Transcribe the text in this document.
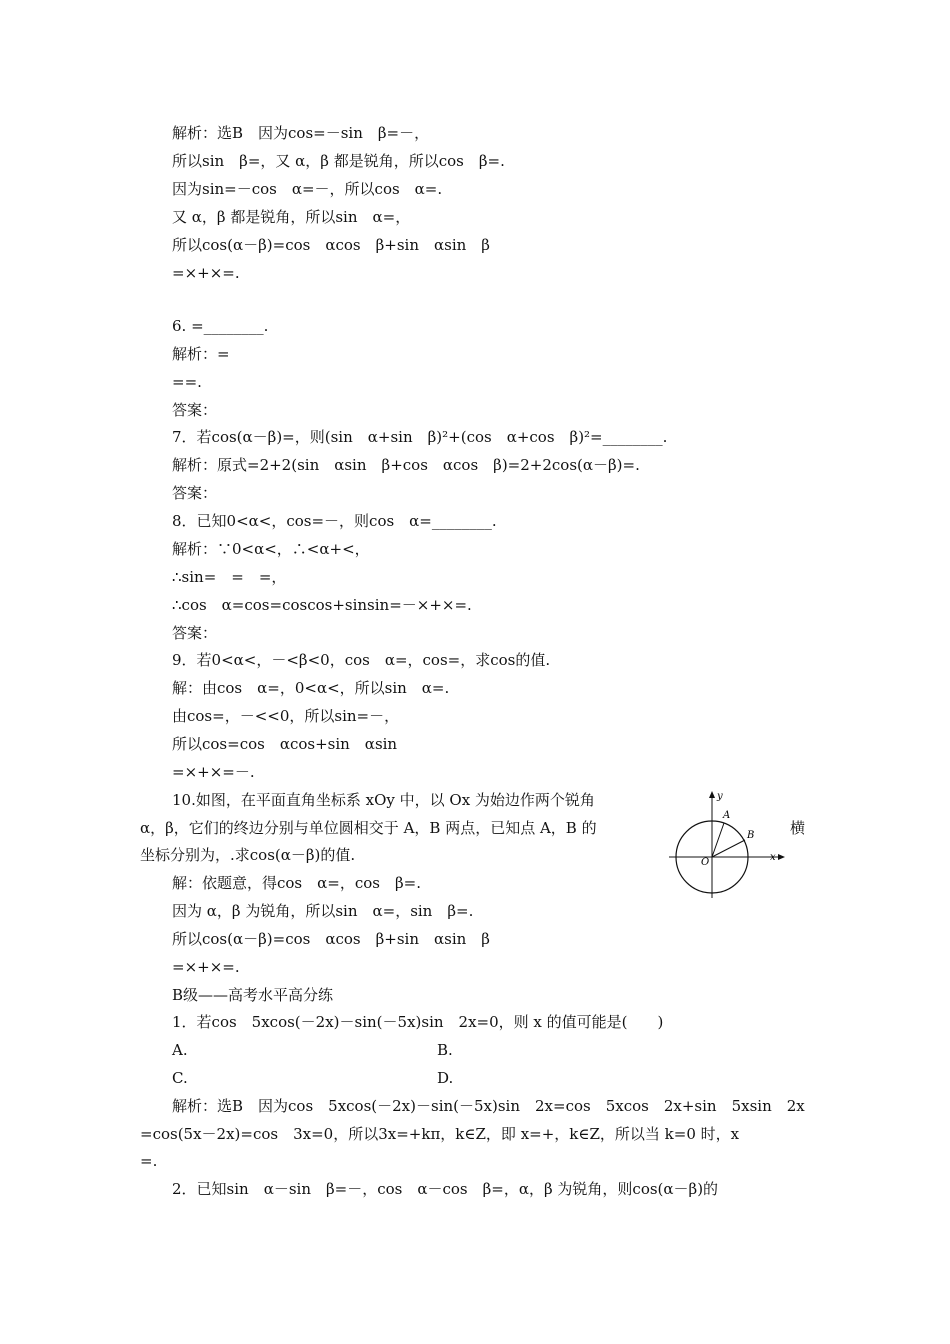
解析：选B　因为cos=－sin　β=－，
所以sin　β=，又 α，β 都是锐角，所以cos　β=.
因为sin=－cos　α=－，所以cos　α=.
又 α，β 都是锐角，所以sin　α=，
所以cos(α－β)=cos　αcos　β+sin　αsin　β
=×+×=.
6. =________.
解析：=
==.
答案：
7．若cos(α－β)=，则(sin　α+sin　β)²+(cos　α+cos　β)²=________.
解析：原式=2+2(sin　αsin　β+cos　αcos　β)=2+2cos(α－β)=.
答案：
8．已知0<α<，cos=－，则cos　α=________.
解析：∵0<α<，∴<α+<，
∴sin=　=　=，
∴cos　α=cos=coscos+sinsin=－×+×=.
答案：
9．若0<α<，－<β<0，cos　α=，cos=，求cos的值.
解：由cos　α=，0<α<，所以sin　α=.
由cos=，－<<0，所以sin=－，
所以cos=cos　αcos+sin　αsin
=×+×=－.
10.如图，在平面直角坐标系 xOy 中，以 Ox 为始边作两个锐角
α，β，它们的终边分别与单位圆相交于 A，B 两点，已知点 A，B 的	横
坐标分别为，.求cos(α－β)的值.
解：依题意，得cos　α=，cos　β=.
因为 α，β 为锐角，所以sin　α=，sin　β=.
所以cos(α－β)=cos　αcos　β+sin　αsin　β
=×+×=.
B级——高考水平高分练
1．若cos　5xcos(－2x)－sin(－5x)sin　2x=0，则 x 的值可能是(　　)
A.	B.
C.	D.
解析：选B　因为cos　5xcos(－2x)－sin(－5x)sin　2x=cos　5xcos　2x+sin　5xsin　2x
=cos(5x－2x)=cos　3x=0，所以3x=+kπ，k∈Z，即 x=+，k∈Z，所以当 k=0 时，x
=.
2．已知sin　α－sin　β=－，cos　α－cos　β=，α，β 为锐角，则cos(α－β)的
y
x
O
A
B
